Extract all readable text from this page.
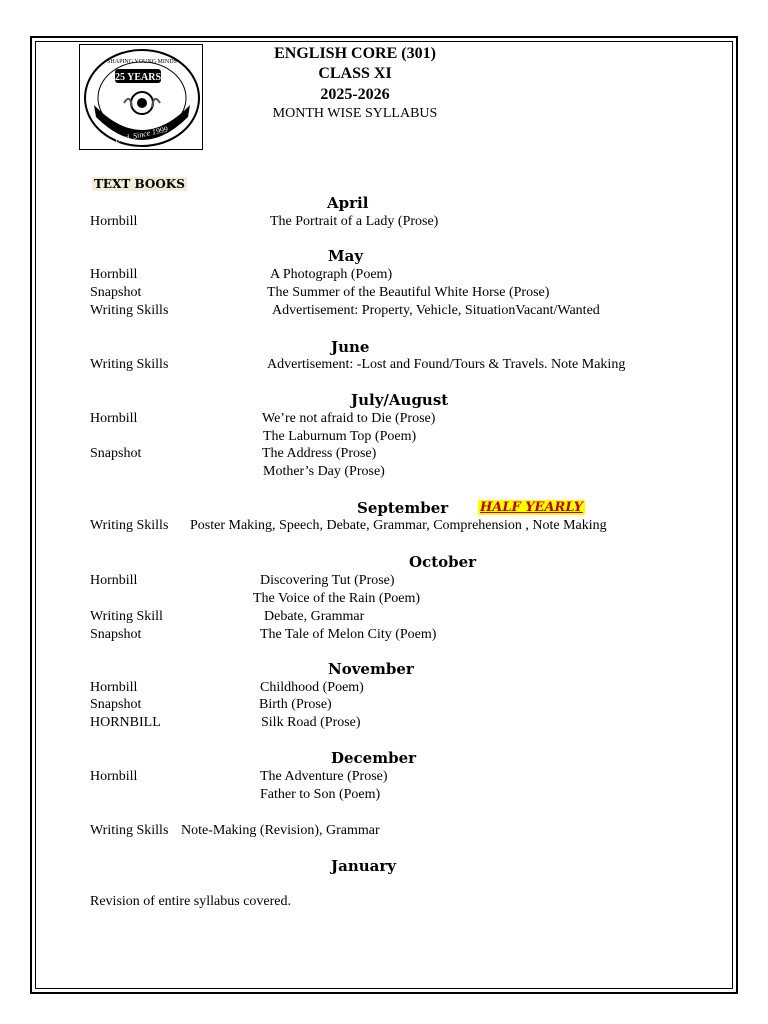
25 YEARS
SHAPING YOUNG MINDS
Estd. Since 1999
ENGLISH CORE (301)
CLASS XI
2025-2026
MONTH WISE SYLLABUS
TEXT BOOKS
April
Hornbill	The Portrait of a Lady (Prose)
May
Hornbill	A Photograph (Poem)
Snapshot	The Summer of the Beautiful White Horse (Prose)
Writing Skills	Advertisement: Property, Vehicle, SituationVacant/Wanted
June
Writing Skills	Advertisement: -Lost and Found/Tours & Travels. Note Making
July/August
Hornbill	We’re not afraid to Die (Prose)
The Laburnum Top (Poem)
Snapshot	The Address (Prose)
Mother’s Day (Prose)
September HALF YEARLY
Writing Skills Poster Making, Speech, Debate, Grammar, Comprehension , Note Making
October
Hornbill	Discovering Tut (Prose)
The Voice of the Rain (Poem)
Writing Skill	Debate, Grammar
Snapshot	The Tale of Melon City (Poem)
November
Hornbill	Childhood (Poem)
Snapshot	Birth (Prose)
HORNBILL	Silk Road (Prose)
December
Hornbill	The Adventure (Prose)
Father to Son (Poem)
Writing Skills Note-Making (Revision), Grammar
January
Revision of entire syllabus covered.
